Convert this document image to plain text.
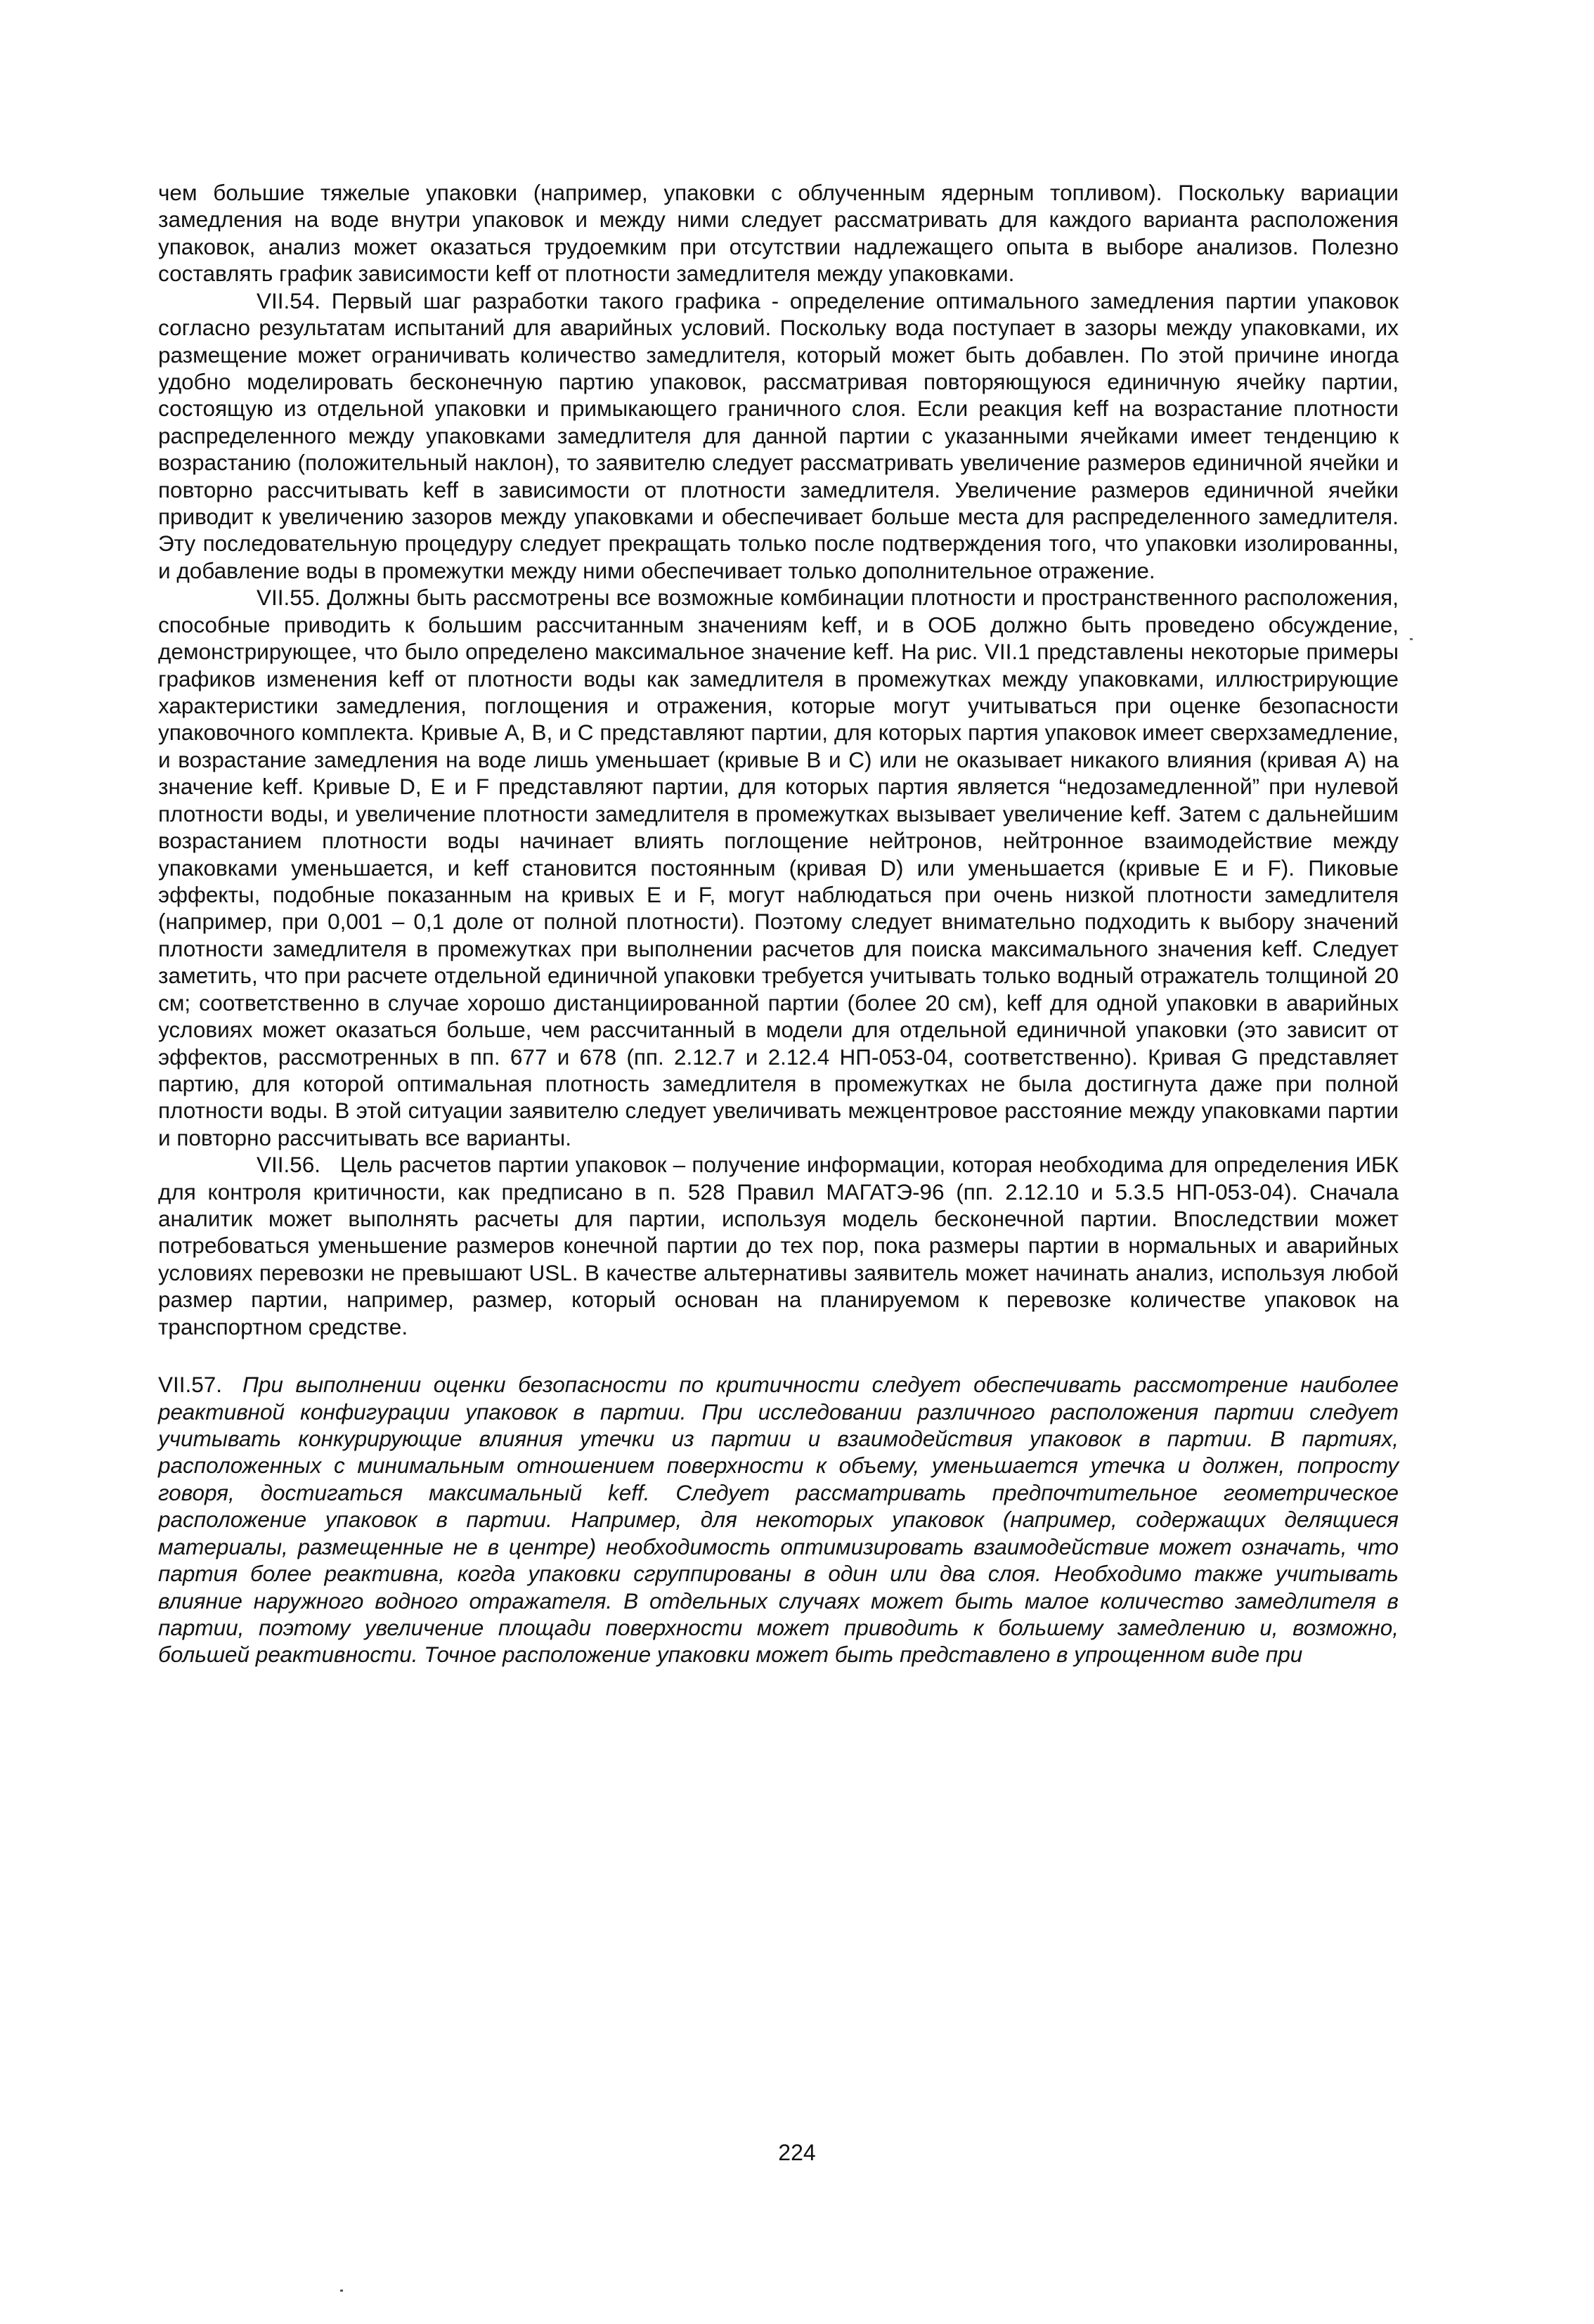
чем большие тяжелые упаковки (например, упаковки с облученным ядерным топливом). Поскольку вариации замедления на воде внутри упаковок и между ними следует рассматривать для каждого варианта расположения упаковок, анализ может оказаться трудоемким при отсутствии надлежащего опыта в выборе анализов. Полезно составлять график зависимости keff от плотности замедлителя между упаковками.

VII.54. Первый шаг разработки такого графика - определение оптимального замедления партии упаковок согласно результатам испытаний для аварийных условий. Поскольку вода поступает в зазоры между упаковками, их размещение может ограничивать количество замедлителя, который может быть добавлен. По этой причине иногда удобно моделировать бесконечную партию упаковок, рассматривая повторяющуюся единичную ячейку партии, состоящую из отдельной упаковки и примыкающего граничного слоя. Если реакция keff на возрастание плотности распределенного между упаковками замедлителя для данной партии с указанными ячейками имеет тенденцию к возрастанию (положительный наклон), то заявителю следует рассматривать увеличение размеров единичной ячейки и повторно рассчитывать keff в зависимости от плотности замедлителя. Увеличение размеров единичной ячейки приводит к увеличению зазоров между упаковками и обеспечивает больше места для распределенного замедлителя. Эту последовательную процедуру следует прекращать только после подтверждения того, что упаковки изолированны, и добавление воды в промежутки между ними обеспечивает только дополнительное отражение.

VII.55. Должны быть рассмотрены все возможные комбинации плотности и пространственного расположения, способные приводить к большим рассчитанным значениям keff, и в ООБ должно быть проведено обсуждение, демонстрирующее, что было определено максимальное значение keff. На рис. VII.1 представлены некоторые примеры графиков изменения keff от плотности воды как замедлителя в промежутках между упаковками, иллюстрирующие характеристики замедления, поглощения и отражения, которые могут учитываться при оценке безопасности упаковочного комплекта. Кривые А, В, и С представляют партии, для которых партия упаковок имеет сверхзамедление, и возрастание замедления на воде лишь уменьшает (кривые В и С) или не оказывает никакого влияния (кривая А) на значение keff. Кривые D, Е и F представляют партии, для которых партия является “недозамедленной” при нулевой плотности воды, и увеличение плотности замедлителя в промежутках вызывает увеличение keff. Затем с дальнейшим возрастанием плотности воды начинает влиять поглощение нейтронов, нейтронное взаимодействие между упаковками уменьшается, и keff становится постоянным (кривая D) или уменьшается (кривые Е и F). Пиковые эффекты, подобные показанным на кривых Е и F, могут наблюдаться при очень низкой плотности замедлителя (например, при 0,001 – 0,1 доле от полной плотности). Поэтому следует внимательно подходить к выбору значений плотности замедлителя в промежутках при выполнении расчетов для поиска максимального значения keff. Следует заметить, что при расчете отдельной единичной упаковки требуется учитывать только водный отражатель толщиной 20 см; соответственно в случае хорошо дистанциированной партии (более 20 см), keff для одной упаковки в аварийных условиях может оказаться больше, чем рассчитанный в модели для отдельной единичной упаковки (это зависит от эффектов, рассмотренных в пп. 677 и 678 (пп. 2.12.7 и 2.12.4 НП-053-04, соответственно). Кривая G представляет партию, для которой оптимальная плотность замедлителя в промежутках не была достигнута даже при полной плотности воды. В этой ситуации заявителю следует увеличивать межцентровое расстояние между упаковками партии и повторно рассчитывать все варианты.

VII.56. Цель расчетов партии упаковок – получение информации, которая необходима для определения ИБК для контроля критичности, как предписано в п. 528 Правил МАГАТЭ-96 (пп. 2.12.10 и 5.3.5 НП-053-04). Сначала аналитик может выполнять расчеты для партии, используя модель бесконечной партии. Впоследствии может потребоваться уменьшение размеров конечной партии до тех пор, пока размеры партии в нормальных и аварийных условиях перевозки не превышают USL. В качестве альтернативы заявитель может начинать анализ, используя любой размер партии, например, размер, который основан на планируемом к перевозке количестве упаковок на транспортном средстве.

VII.57. При выполнении оценки безопасности по критичности следует обеспечивать рассмотрение наиболее реактивной конфигурации упаковок в партии. При исследовании различного расположения партии следует учитывать конкурирующие влияния утечки из партии и взаимодействия упаковок в партии. В партиях, расположенных с минимальным отношением поверхности к объему, уменьшается утечка и должен, попросту говоря, достигаться максимальный keff. Следует рассматривать предпочтительное геометрическое расположение упаковок в партии. Например, для некоторых упаковок (например, содержащих делящиеся материалы, размещенные не в центре) необходимость оптимизировать взаимодействие может означать, что партия более реактивна, когда упаковки сгруппированы в один или два слоя. Необходимо также учитывать влияние наружного водного отражателя. В отдельных случаях может быть малое количество замедлителя в партии, поэтому увеличение площади поверхности может приводить к большему замедлению и, возможно, большей реактивности. Точное расположение упаковки может быть представлено в упрощенном виде при

224
